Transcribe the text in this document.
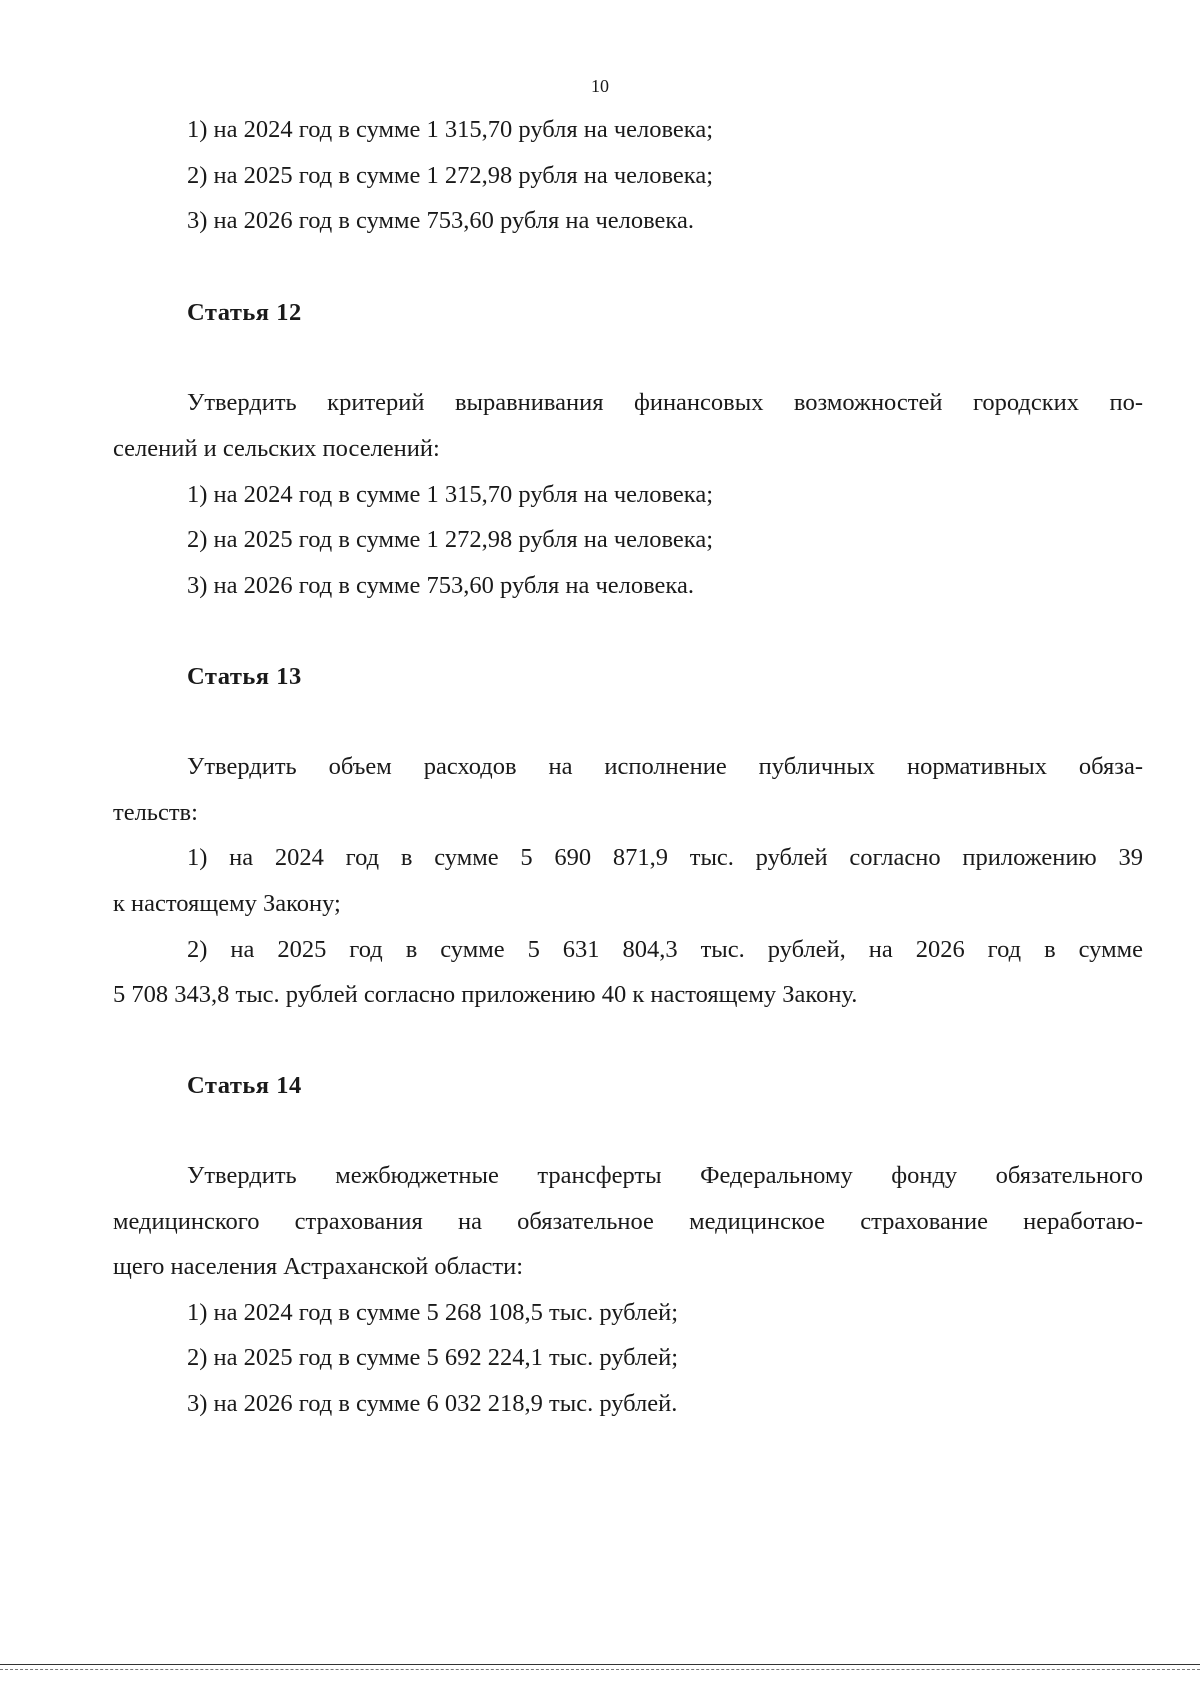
10
1) на 2024 год в сумме 1 315,70 рубля на человека;
2) на 2025 год в сумме 1 272,98 рубля на человека;
3) на 2026 год в сумме 753,60 рубля на человека.
Статья 12
Утвердить критерий выравнивания финансовых возможностей городских по-
селений и сельских поселений:
1) на 2024 год в сумме 1 315,70 рубля на человека;
2) на 2025 год в сумме 1 272,98 рубля на человека;
3) на 2026 год в сумме 753,60 рубля на человека.
Статья 13
Утвердить объем расходов на исполнение публичных нормативных обяза-
тельств:
1) на 2024 год в сумме 5 690 871,9 тыс. рублей согласно приложению 39
к настоящему Закону;
2) на 2025 год в сумме 5 631 804,3 тыс. рублей, на 2026 год в сумме
5 708 343,8 тыс. рублей согласно приложению 40 к настоящему Закону.
Статья 14
Утвердить межбюджетные трансферты Федеральному фонду обязательного
медицинского страхования на обязательное медицинское страхование неработаю-
щего населения Астраханской области:
1) на 2024 год в сумме 5 268 108,5 тыс. рублей;
2) на 2025 год в сумме 5 692 224,1 тыс. рублей;
3) на 2026 год в сумме 6 032 218,9 тыс. рублей.
